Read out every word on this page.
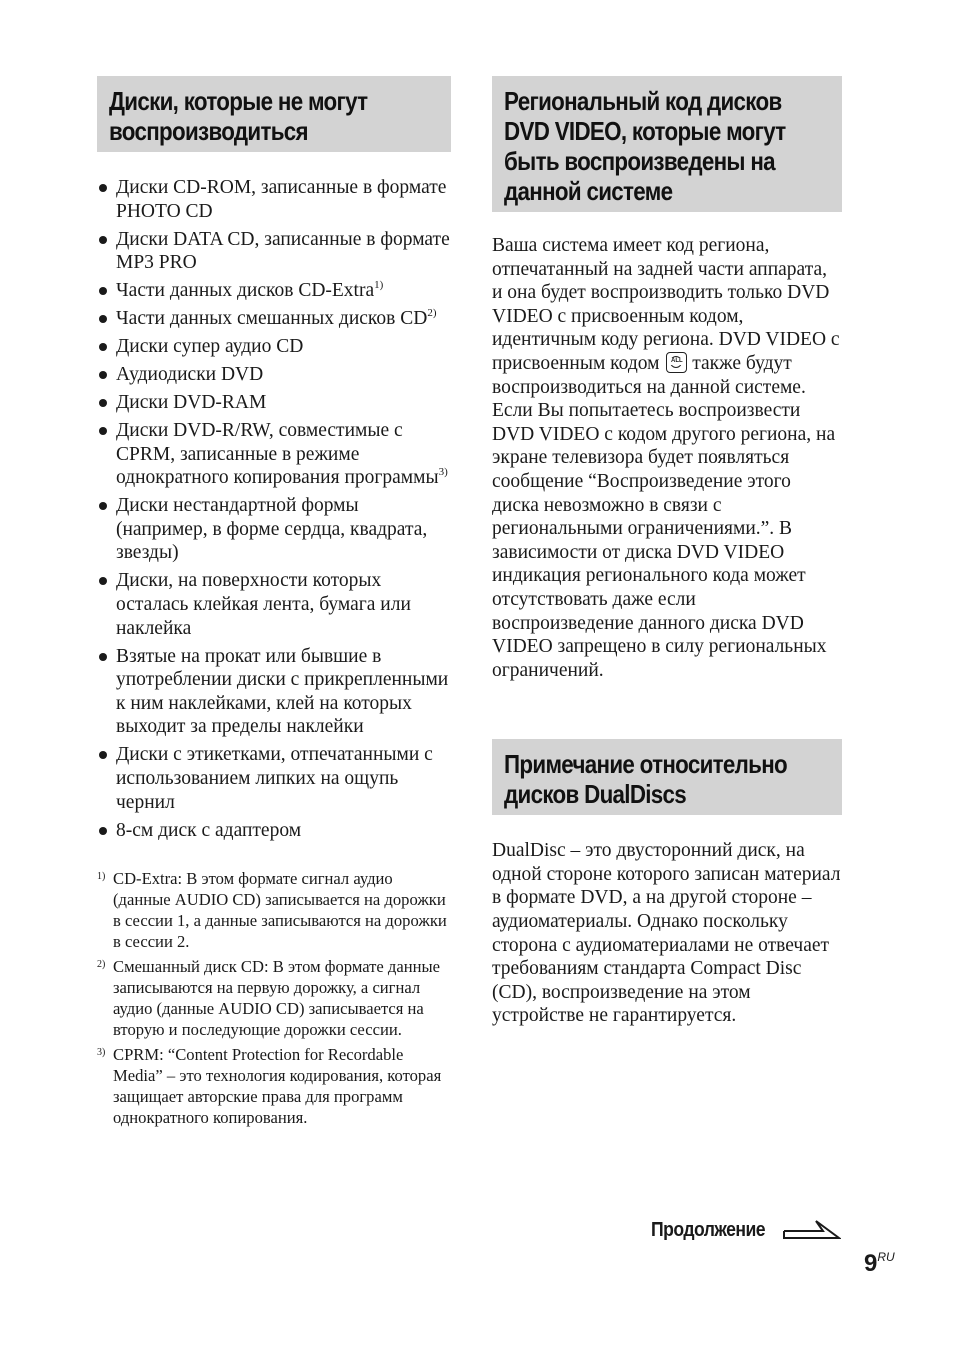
Диски, которые не могут
воспроизводиться
Диски CD-ROM, записанные в формате PHOTO CD
Диски DATA CD, записанные в формате MP3 PRO
Части данных дисков CD-Extra$^{1)}$
Части данных смешанных дисков CD$^{2)}$
Диски супер аудио CD
Аудиодиски DVD
Диски DVD-RAM
Диски DVD-R/RW, совместимые с CPRM, записанные в режиме однократного копирования программы$^{3)}$
Диски нестандартной формы (например, в форме сердца, квадрата, звезды)
Диски, на поверхности которых осталась клейкая лента, бумага или наклейка
Взятые на прокат или бывшие в употреблении диски с прикрепленными к ним наклейками, клей на которых выходит за пределы наклейки
Диски с этикетками, отпечатанными с использованием липких на ощупь чернил
8-см диск с адаптером
1) CD-Extra: В этом формате сигнал аудио (данные AUDIO CD) записывается на дорожки в сессии 1, а данные записываются на дорожки в сессии 2.
2) Смешанный диск CD: В этом формате данные записываются на первую дорожку, а сигнал аудио (данные AUDIO CD) записывается на вторую и последующие дорожки сессии.
3) CPRM: “Content Protection for Recordable Media” – это технология кодирования, которая защищает авторские права для программ однократного копирования.
Региональный код дисков
DVD VIDEO, которые могут
быть воспроизведены на
данной системе

Ваша система имеет код региона, отпечатанный на задней части аппарата, и она будет воспроизводить только DVD VIDEO с присвоенным кодом, идентичным коду региона. DVD VIDEO с присвоенным кодом ALL также будут воспроизводиться на данной системе.

Если Вы попытаетесь воспроизвести DVD VIDEO с кодом другого региона, на экране телевизора будет появляться сообщение “Воспроизведение этого диска невозможно в связи с региональными ограничениями.”. В зависимости от диска DVD VIDEO индикация регионального кода может отсутствовать даже если воспроизведение данного диска DVD VIDEO запрещено в силу региональных ограничений.

Примечание относительно
дисков DualDiscs

DualDisc – это двусторонний диск, на одной стороне которого записан материал в формате DVD, а на другой стороне – аудиоматериалы. Однако поскольку сторона с аудиоматериалами не отвечает требованиям стандарта Compact Disc (CD), воспроизведение на этом устройстве не гарантируется.

Продолжение
$9^{RU}$
